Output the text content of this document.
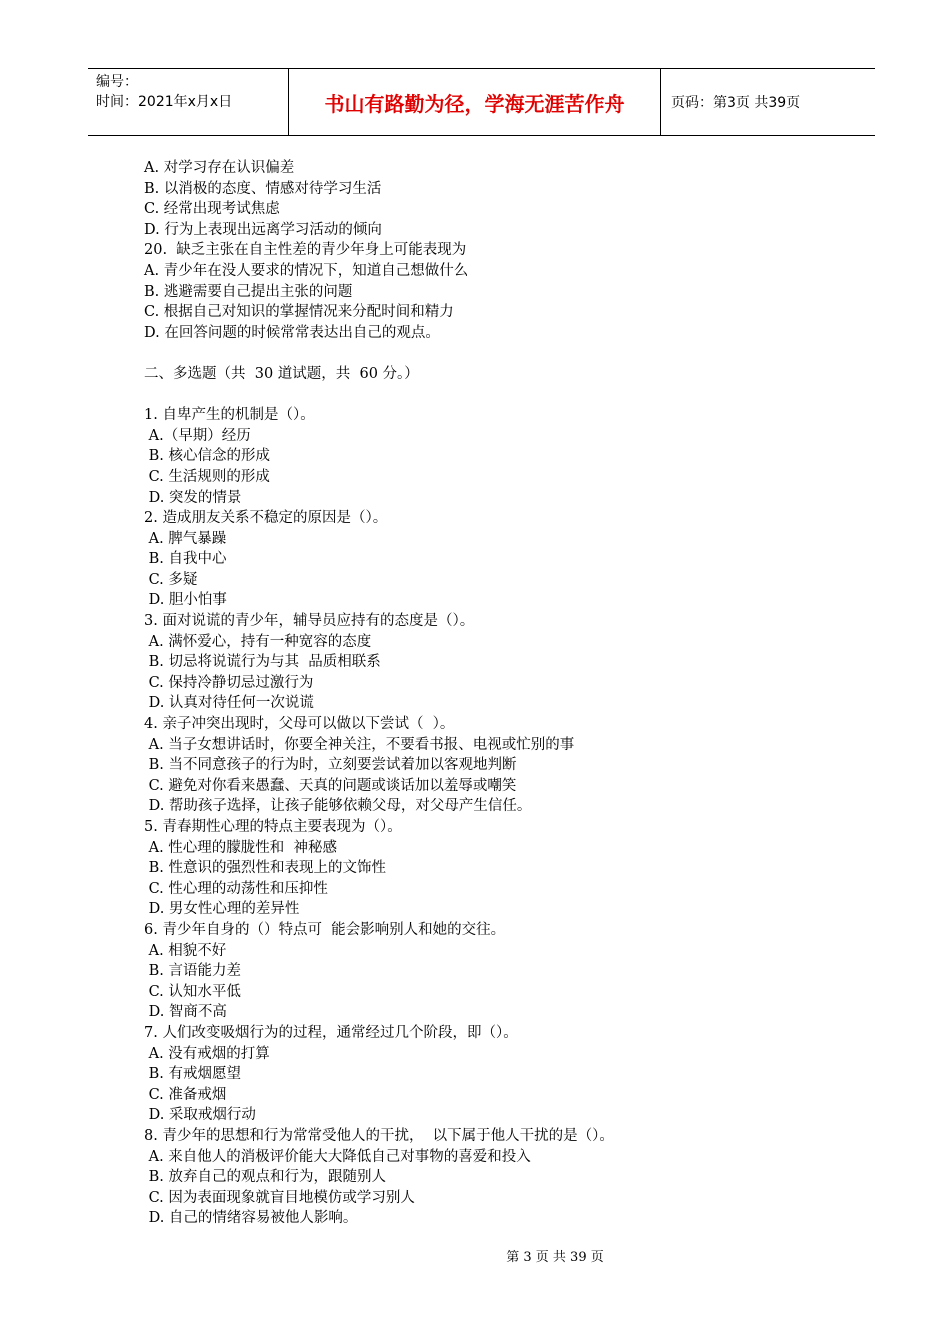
编号：
时间：2021年x月x日	书山有路勤为径，学海无涯苦作舟	页码：第3页 共39页
A. 对学习存在认识偏差
B. 以消极的态度、情感对待学习生活
C. 经常出现考试焦虑
D. 行为上表现出远离学习活动的倾向
20.  缺乏主张在自主性差的青少年身上可能表现为
A. 青少年在没人要求的情况下，知道自己想做什么
B. 逃避需要自己提出主张的问题
C. 根据自己对知识的掌握情况来分配时间和精力
D. 在回答问题的时候常常表达出自己的观点。
二、多选题（共  30 道试题，共  60 分。）
1. 自卑产生的机制是（）。
A.（早期）经历
B. 核心信念的形成
C. 生活规则的形成
D. 突发的情景
2. 造成朋友关系不稳定的原因是（）。
A. 脾气暴躁
B. 自我中心
C. 多疑
D. 胆小怕事
3. 面对说谎的青少年，辅导员应持有的态度是（）。
A. 满怀爱心，持有一种宽容的态度
B. 切忌将说谎行为与其  品质相联系
C. 保持冷静切忌过激行为
D. 认真对待任何一次说谎
4. 亲子冲突出现时，父母可以做以下尝试（  ）。
A. 当子女想讲话时，你要全神关注，不要看书报、电视或忙别的事
B. 当不同意孩子的行为时，立刻要尝试着加以客观地判断
C. 避免对你看来愚蠢、天真的问题或谈话加以羞辱或嘲笑
D. 帮助孩子选择，让孩子能够依赖父母，对父母产生信任。
5. 青春期性心理的特点主要表现为（）。
A. 性心理的朦胧性和  神秘感
B. 性意识的强烈性和表现上的文饰性
C. 性心理的动荡性和压抑性
D. 男女性心理的差异性
6. 青少年自身的（）特点可  能会影响别人和她的交往。
A. 相貌不好
B. 言语能力差
C. 认知水平低
D. 智商不高
7. 人们改变吸烟行为的过程，通常经过几个阶段，即（）。
A. 没有戒烟的打算
B. 有戒烟愿望
C. 准备戒烟
D. 采取戒烟行动
8. 青少年的思想和行为常常受他人的干扰，  以下属于他人干扰的是（）。
A. 来自他人的消极评价能大大降低自己对事物的喜爱和投入
B. 放弃自己的观点和行为，跟随别人
C. 因为表面现象就盲目地模仿或学习别人
D. 自己的情绪容易被他人影响。
第 3 页 共 39 页
